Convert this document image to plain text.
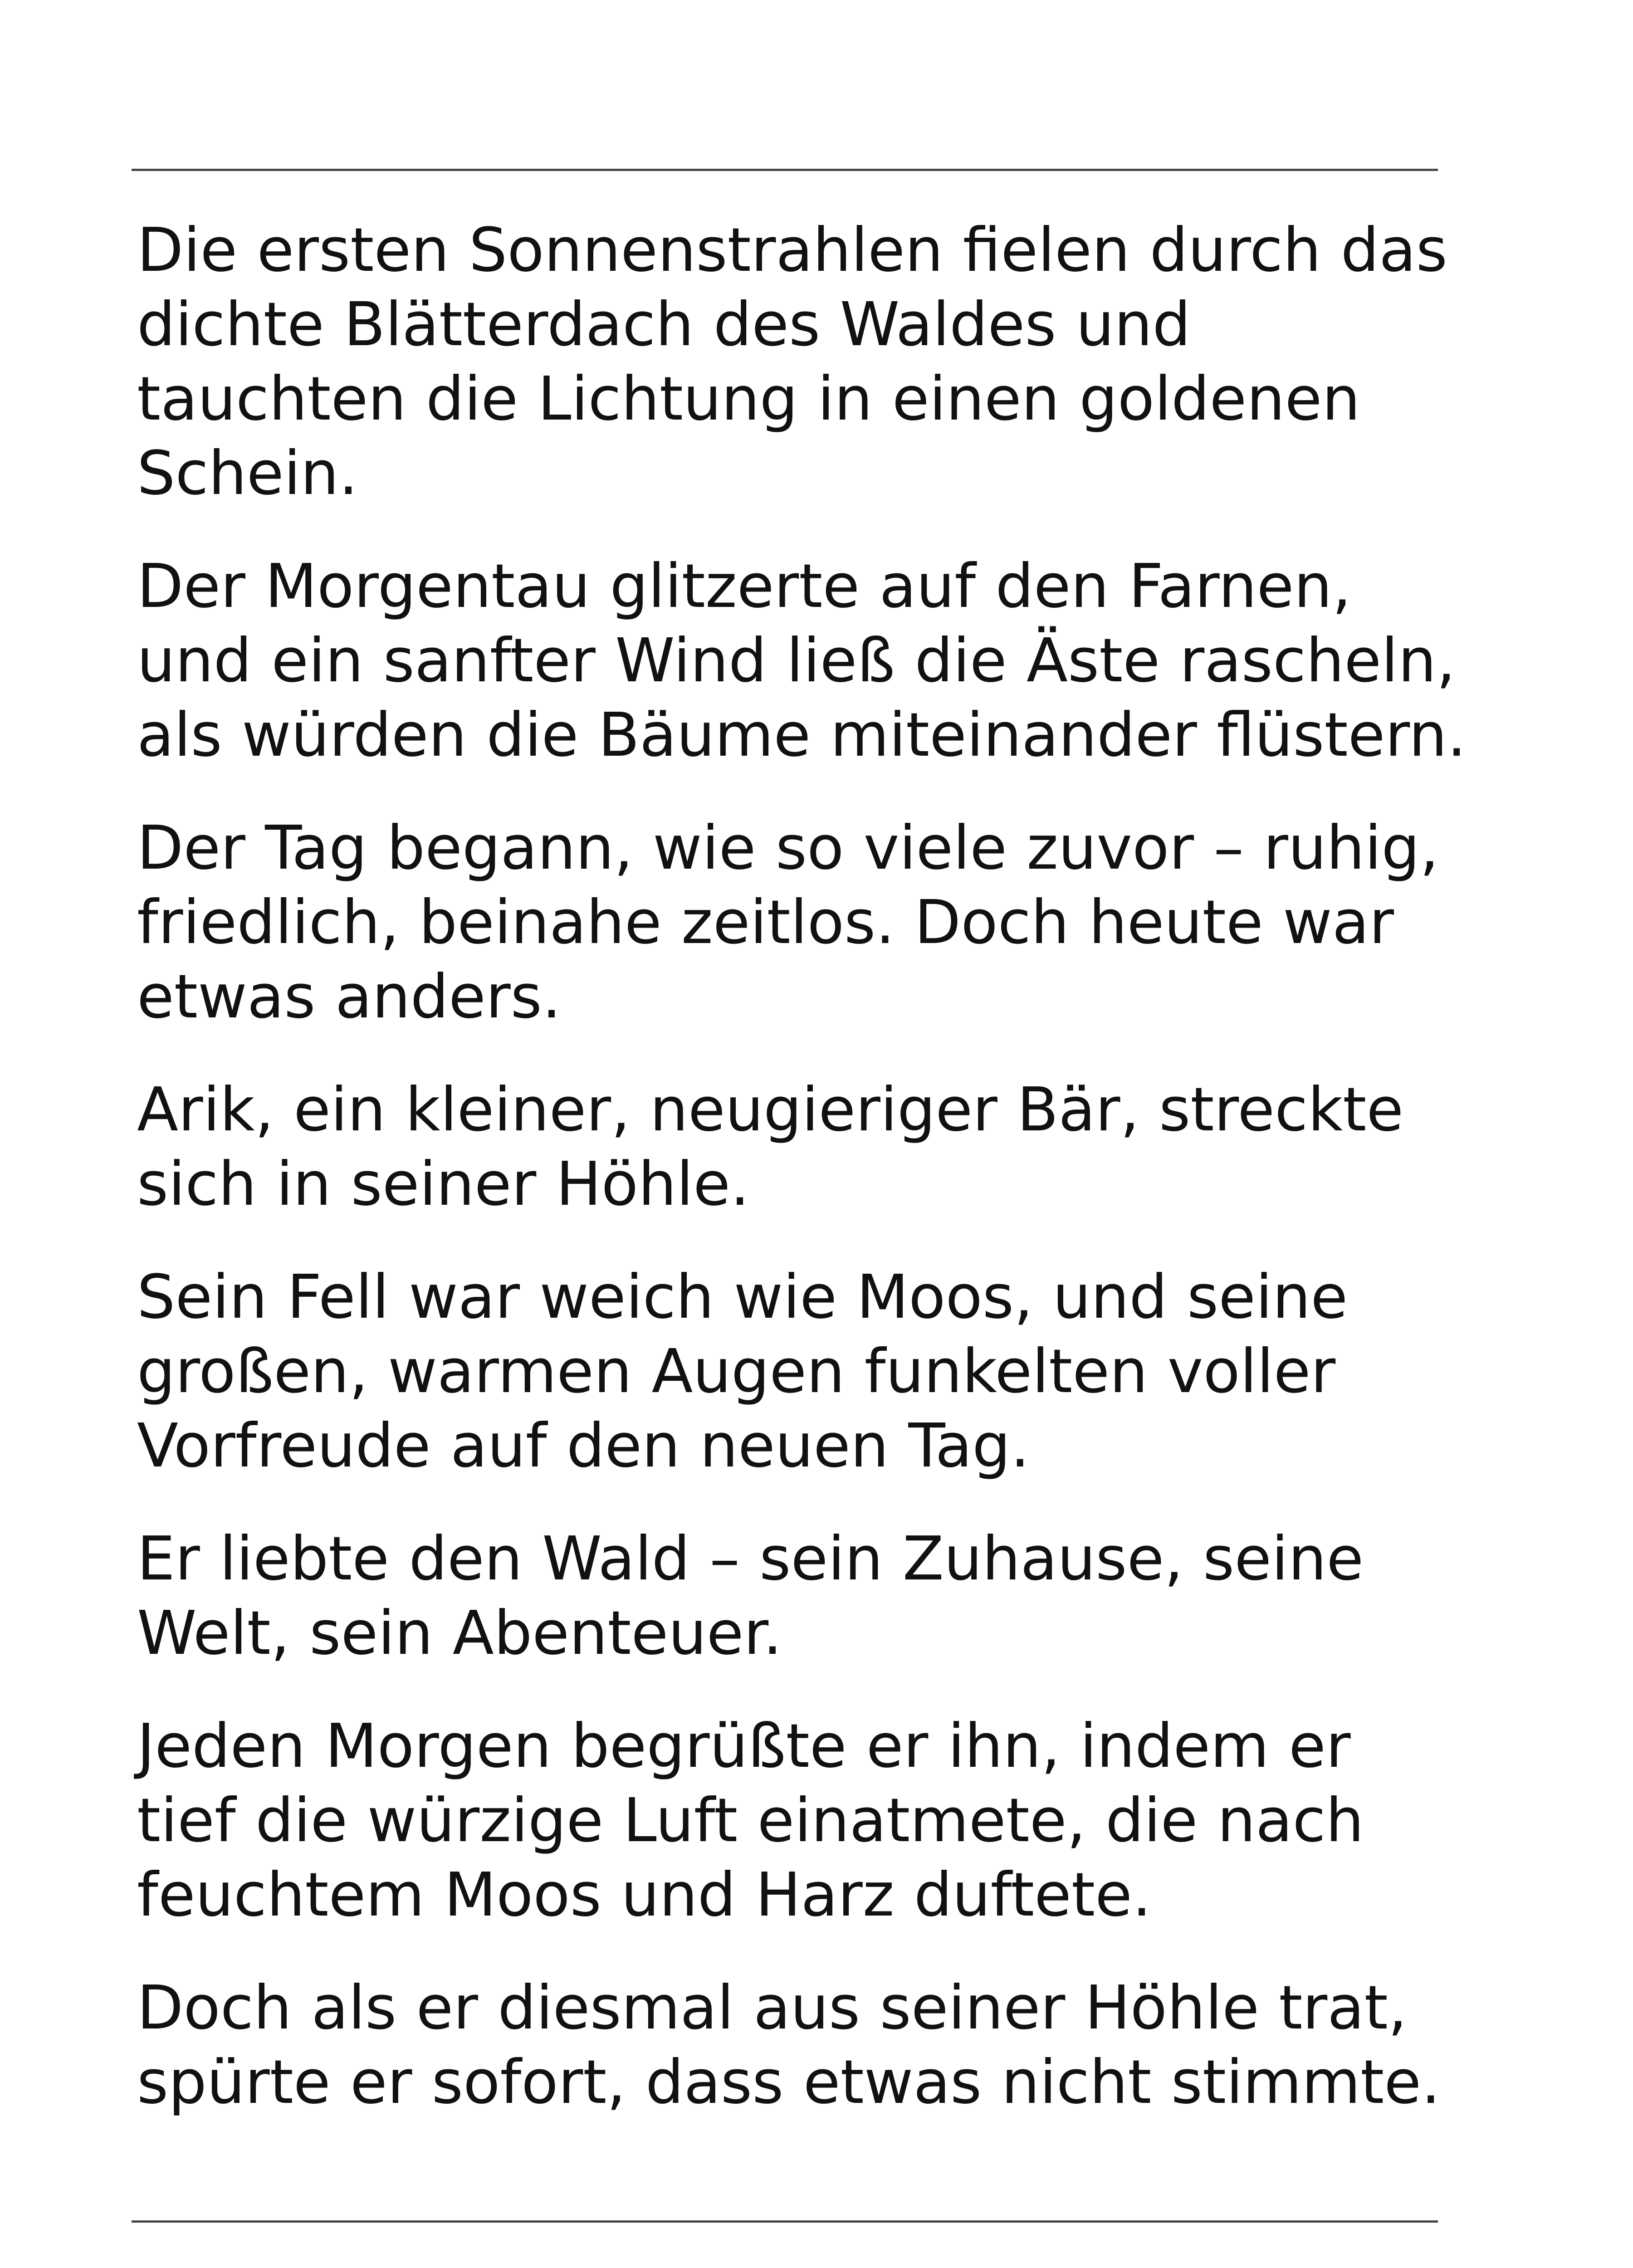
Die ersten Sonnenstrahlen fielen durch das
dichte Blätterdach des Waldes und
tauchten die Lichtung in einen goldenen
Schein.

Der Morgentau glitzerte auf den Farnen,
und ein sanfter Wind ließ die Äste rascheln,
als würden die Bäume miteinander flüstern.

Der Tag begann, wie so viele zuvor – ruhig,
friedlich, beinahe zeitlos. Doch heute war
etwas anders.

Arik, ein kleiner, neugieriger Bär, streckte
sich in seiner Höhle.

Sein Fell war weich wie Moos, und seine
großen, warmen Augen funkelten voller
Vorfreude auf den neuen Tag.

Er liebte den Wald – sein Zuhause, seine
Welt, sein Abenteuer.

Jeden Morgen begrüßte er ihn, indem er
tief die würzige Luft einatmete, die nach
feuchtem Moos und Harz duftete.

Doch als er diesmal aus seiner Höhle trat,
spürte er sofort, dass etwas nicht stimmte.
